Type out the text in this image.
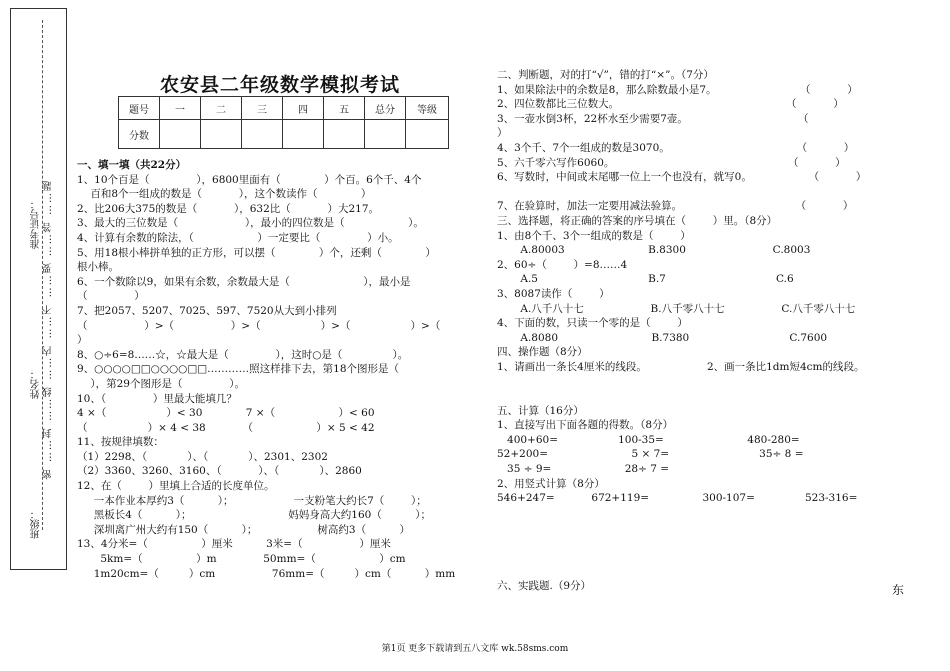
班级：
姓名：
准考证号： 密 ……封 ……线 ……内 ……不 ……要 ……答 ……题
农安县二年级数学模拟考试
题号	一	二	三	四	五	总分	等级
分数							
一、填一填（共22分）
1、10个百是（              ），6800里面有（             ）个百。6个千、4个
百和8个一组成的数是（           ），这个数读作（             ）
2、比206大375的数是（           ），632比（           ）大217。
3、最大的三位数是（                    ），最小的四位数是（                   ）。
4、计算有余数的除法，（                   ）一定要比（              ）小。
5、用18根小棒拼单独的正方形，可以摆（             ）个，还剩（             ）
根小棒。
6、一个数除以9，如果有余数，余数最大是（                      ），最小是
（              ）
7、把2057、5207、7025、597、7520从大到小排列
（                 ）>（                 ）>（                  ）>（                  ）>（
）
8、○÷6=8……☆，☆最大是（              ），这时○是（               ）。
9、○○○○□□○○○○□□…………照这样排下去，第18个图形是（
），第29个图形是（              ）。
10、（              ）里最大能填几？
4 ×（                  ）< 30             7 ×（                   ）< 60
（                  ）× 4 < 38           （                   ）× 5 < 42
11、按规律填数：
（1）2298、（            ）、（            ）、2301、2302
（2）3360、3260、3160、（           ）、（            ）、2860
12、在（        ）里填上合适的长度单位。
一本作业本厚约3（          ）；                  一支粉笔大约长7（        ）；
黑板长4（          ）；                             妈妈身高大约160（          ）；
深圳离广州大约有150（          ）；                  树高约3（          ）
13、4分米=（                ）厘米          3米=（                 ）厘米
5km=（                ）m              50mm=（                   ）cm
1m20cm=（         ）cm                 76mm=（         ）cm（          ）mm
二、判断题，对的打“√”，错的打“×”。（7分）
1、如果除法中的余数是8，那么除数最小是7。                         （           ）
2、四位数都比三位数大。                                                  （           ）
3、一壶水倒3杯，22杯水至少需要7壶。                                 （
）
4、3个千、7个一组成的数是3070。                                      （           ）
5、六千零六写作6060。                                                    （           ）
6、写数时，中间或末尾哪一位上一个也没有，就写0。                 （           ）

7、在验算时，加法一定要用减法验算。                                  （           ）
三、选择题，将正确的答案的序号填在（        ）里。（8分）
1、由8个千、3个一组成的数是（        ）
A.80003                         B.8300                          C.8003
2、60÷（        ）=8……4
A.5                                 B.7                                 C.6
3、8087读作（        ）
A.八千八十七                    B.八千零八十七                 C.八千零八十七
4、下面的数，只读一个零的是（        ）
A.8080                            B.7380                              C.7600
四、操作题（8分）
1、请画出一条长4厘米的线段。                  2、画一条比1dm短4cm的线段。

五、计算（16分）
1、直接写出下面各题的得数。（8分）
400+60=                  100-35=                         480-280=
52+200=                         5 × 7=                           35÷ 8 =
35 ÷ 9=                      28÷ 7 =
2、用竖式计算（8分）
546+247=           672+119=                300-107=               523-316=

六、实践题.（9分）	东
第1页 更多下载请到五八文库 wk.58sms.com
